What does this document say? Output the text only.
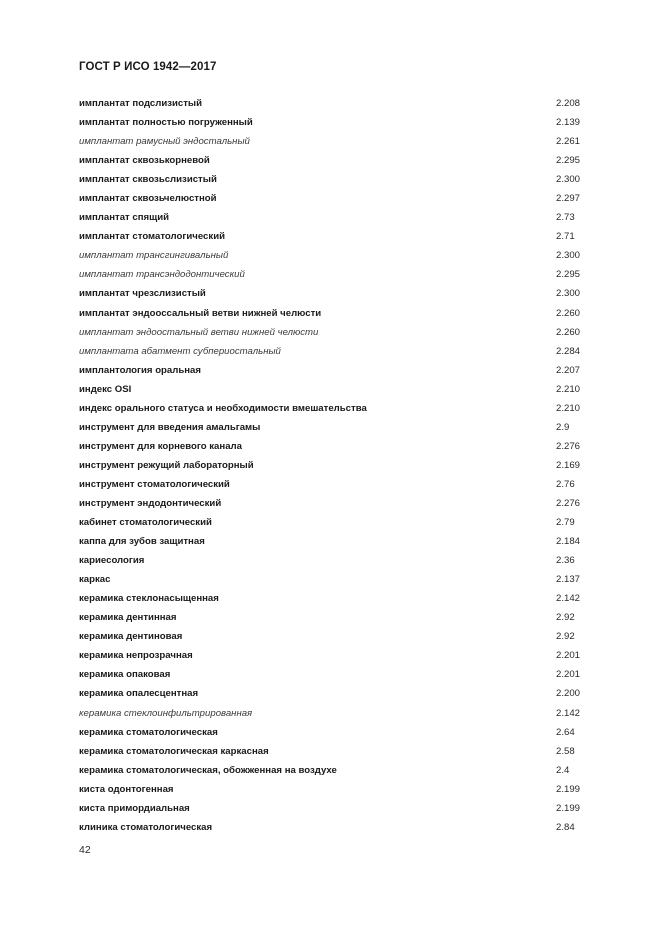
ГОСТ Р ИСО 1942—2017
имплантат подслизистый	2.208
имплантат полностью погруженный	2.139
имплантат рамусный эндостальный	2.261
имплантат сквозькорневой	2.295
имплантат сквозьслизистый	2.300
имплантат сквозьчелюстной	2.297
имплантат спящий	2.73
имплантат стоматологический	2.71
имплантат трансгингивальный	2.300
имплантат трансэндодонтический	2.295
имплантат чрезслизистый	2.300
имплантат эндооссальный ветви нижней челюсти	2.260
имплантат эндоостальный ветви нижней челюсти	2.260
имплантата абатмент субпериостальный	2.284
имплантология оральная	2.207
индекс OSI	2.210
индекс орального статуса и необходимости вмешательства	2.210
инструмент для введения амальгамы	2.9
инструмент для корневого канала	2.276
инструмент режущий лабораторный	2.169
инструмент стоматологический	2.76
инструмент эндодонтический	2.276
кабинет стоматологический	2.79
каппа для зубов защитная	2.184
кариесология	2.36
каркас	2.137
керамика стеклонасыщенная	2.142
керамика дентинная	2.92
керамика дентиновая	2.92
керамика непрозрачная	2.201
керамика опаковая	2.201
керамика опалесцентная	2.200
керамика стеклоинфильтрированная	2.142
керамика стоматологическая	2.64
керамика стоматологическая каркасная	2.58
керамика стоматологическая, обожженная на воздухе	2.4
киста одонтогенная	2.199
киста примордиальная	2.199
клиника стоматологическая	2.84
42
